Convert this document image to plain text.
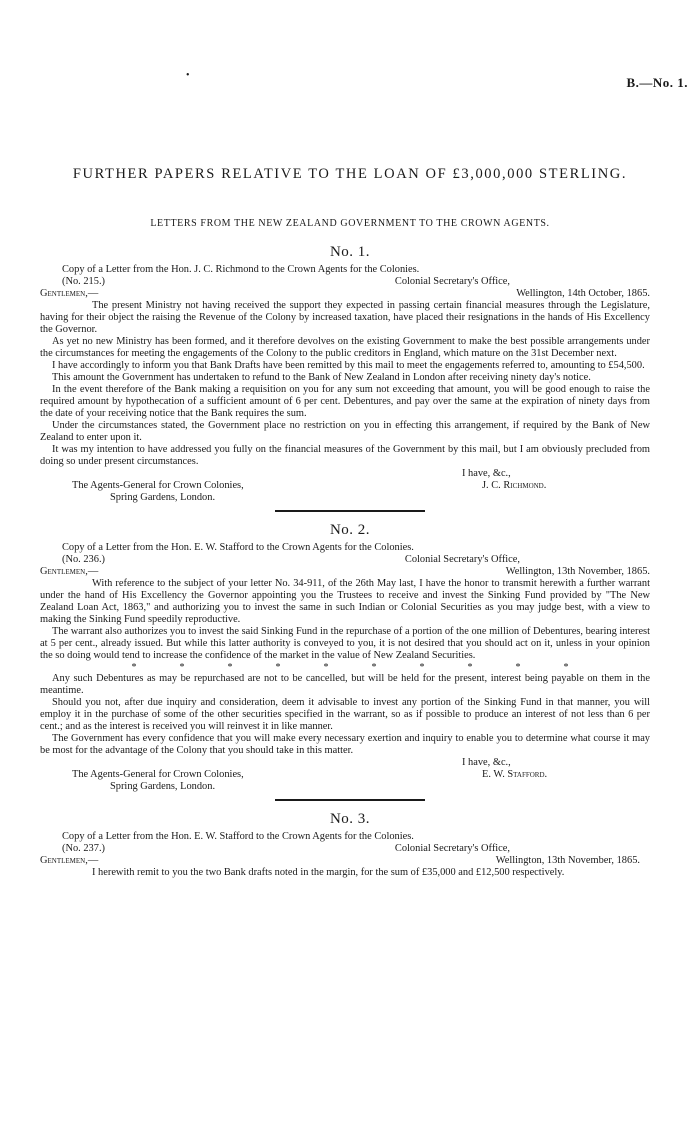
•	B.—No. 1.
FURTHER PAPERS RELATIVE TO THE LOAN OF £3,000,000 STERLING.
LETTERS FROM THE NEW ZEALAND GOVERNMENT TO THE CROWN AGENTS.
No. 1.

Copy of a Letter from the Hon. J. C. Richmond to the Crown Agents for the Colonies.

(No. 215.)	Colonial Secretary's Office,
Gentlemen,—	Wellington, 14th October, 1865.

The present Ministry not having received the support they expected in passing certain financial measures through the Legislature, having for their object the raising the Revenue of the Colony by increased taxation, have placed their resignations in the hands of His Excellency the Governor.

As yet no new Ministry has been formed, and it therefore devolves on the existing Government to make the best possible arrangements under the circumstances for meeting the engagements of the Colony to the public creditors in England, which mature on the 31st December next.

I have accordingly to inform you that Bank Drafts have been remitted by this mail to meet the engagements referred to, amounting to £54,500.

This amount the Government has undertaken to refund to the Bank of New Zealand in London after receiving ninety day's notice.

In the event therefore of the Bank making a requisition on you for any sum not exceeding that amount, you will be good enough to raise the required amount by hypothecation of a sufficient amount of 6 per cent. Debentures, and pay over the same at the expiration of ninety days from the date of your receiving notice that the Bank requires the sum.

Under the circumstances stated, the Government place no restriction on you in effecting this arrangement, if required by the Bank of New Zealand to enter upon it.

It was my intention to have addressed you fully on the financial measures of the Government by this mail, but I am obviously precluded from doing so under present circumstances.

I have, &c.,
The Agents-General for Crown Colonies,	J. C. Richmond.
Spring Gardens, London.
No. 2.

Copy of a Letter from the Hon. E. W. Stafford to the Crown Agents for the Colonies.

(No. 236.)	Colonial Secretary's Office,
Gentlemen,—	Wellington, 13th November, 1865.

With reference to the subject of your letter No. 34-911, of the 26th May last, I have the honor to transmit herewith a further warrant under the hand of His Excellency the Governor appointing you the Trustees to receive and invest the Sinking Fund provided by "The New Zealand Loan Act, 1863," and authorizing you to invest the same in such Indian or Colonial Securities as you may judge best, with a view to making the Sinking Fund speedily reproductive.

The warrant also authorizes you to invest the said Sinking Fund in the repurchase of a portion of the one million of Debentures, bearing interest at 5 per cent., already issued. But while this latter authority is conveyed to you, it is not desired that you should act on it, unless in your opinion the so doing would tend to increase the confidence of the market in the value of New Zealand Securities.

*	*	*	*	*	*	*	*	*	*

Any such Debentures as may be repurchased are not to be cancelled, but will be held for the present, interest being payable on them in the meantime.

Should you not, after due inquiry and consideration, deem it advisable to invest any portion of the Sinking Fund in that manner, you will employ it in the purchase of some of the other securities specified in the warrant, so as if possible to produce an interest of not less than 6 per cent.; and as the interest is received you will reinvest it in like manner.

The Government has every confidence that you will make every necessary exertion and inquiry to enable you to determine what course it may be most for the advantage of the Colony that you should take in this matter.

I have, &c.,
The Agents-General for Crown Colonies,	E. W. Stafford.
Spring Gardens, London.
No. 3.

Copy of a Letter from the Hon. E. W. Stafford to the Crown Agents for the Colonies.

(No. 237.)	Colonial Secretary's Office,
Gentlemen,—	Wellington, 13th November, 1865.

I herewith remit to you the two Bank drafts noted in the margin, for the sum of £35,000 and £12,500 respectively.
